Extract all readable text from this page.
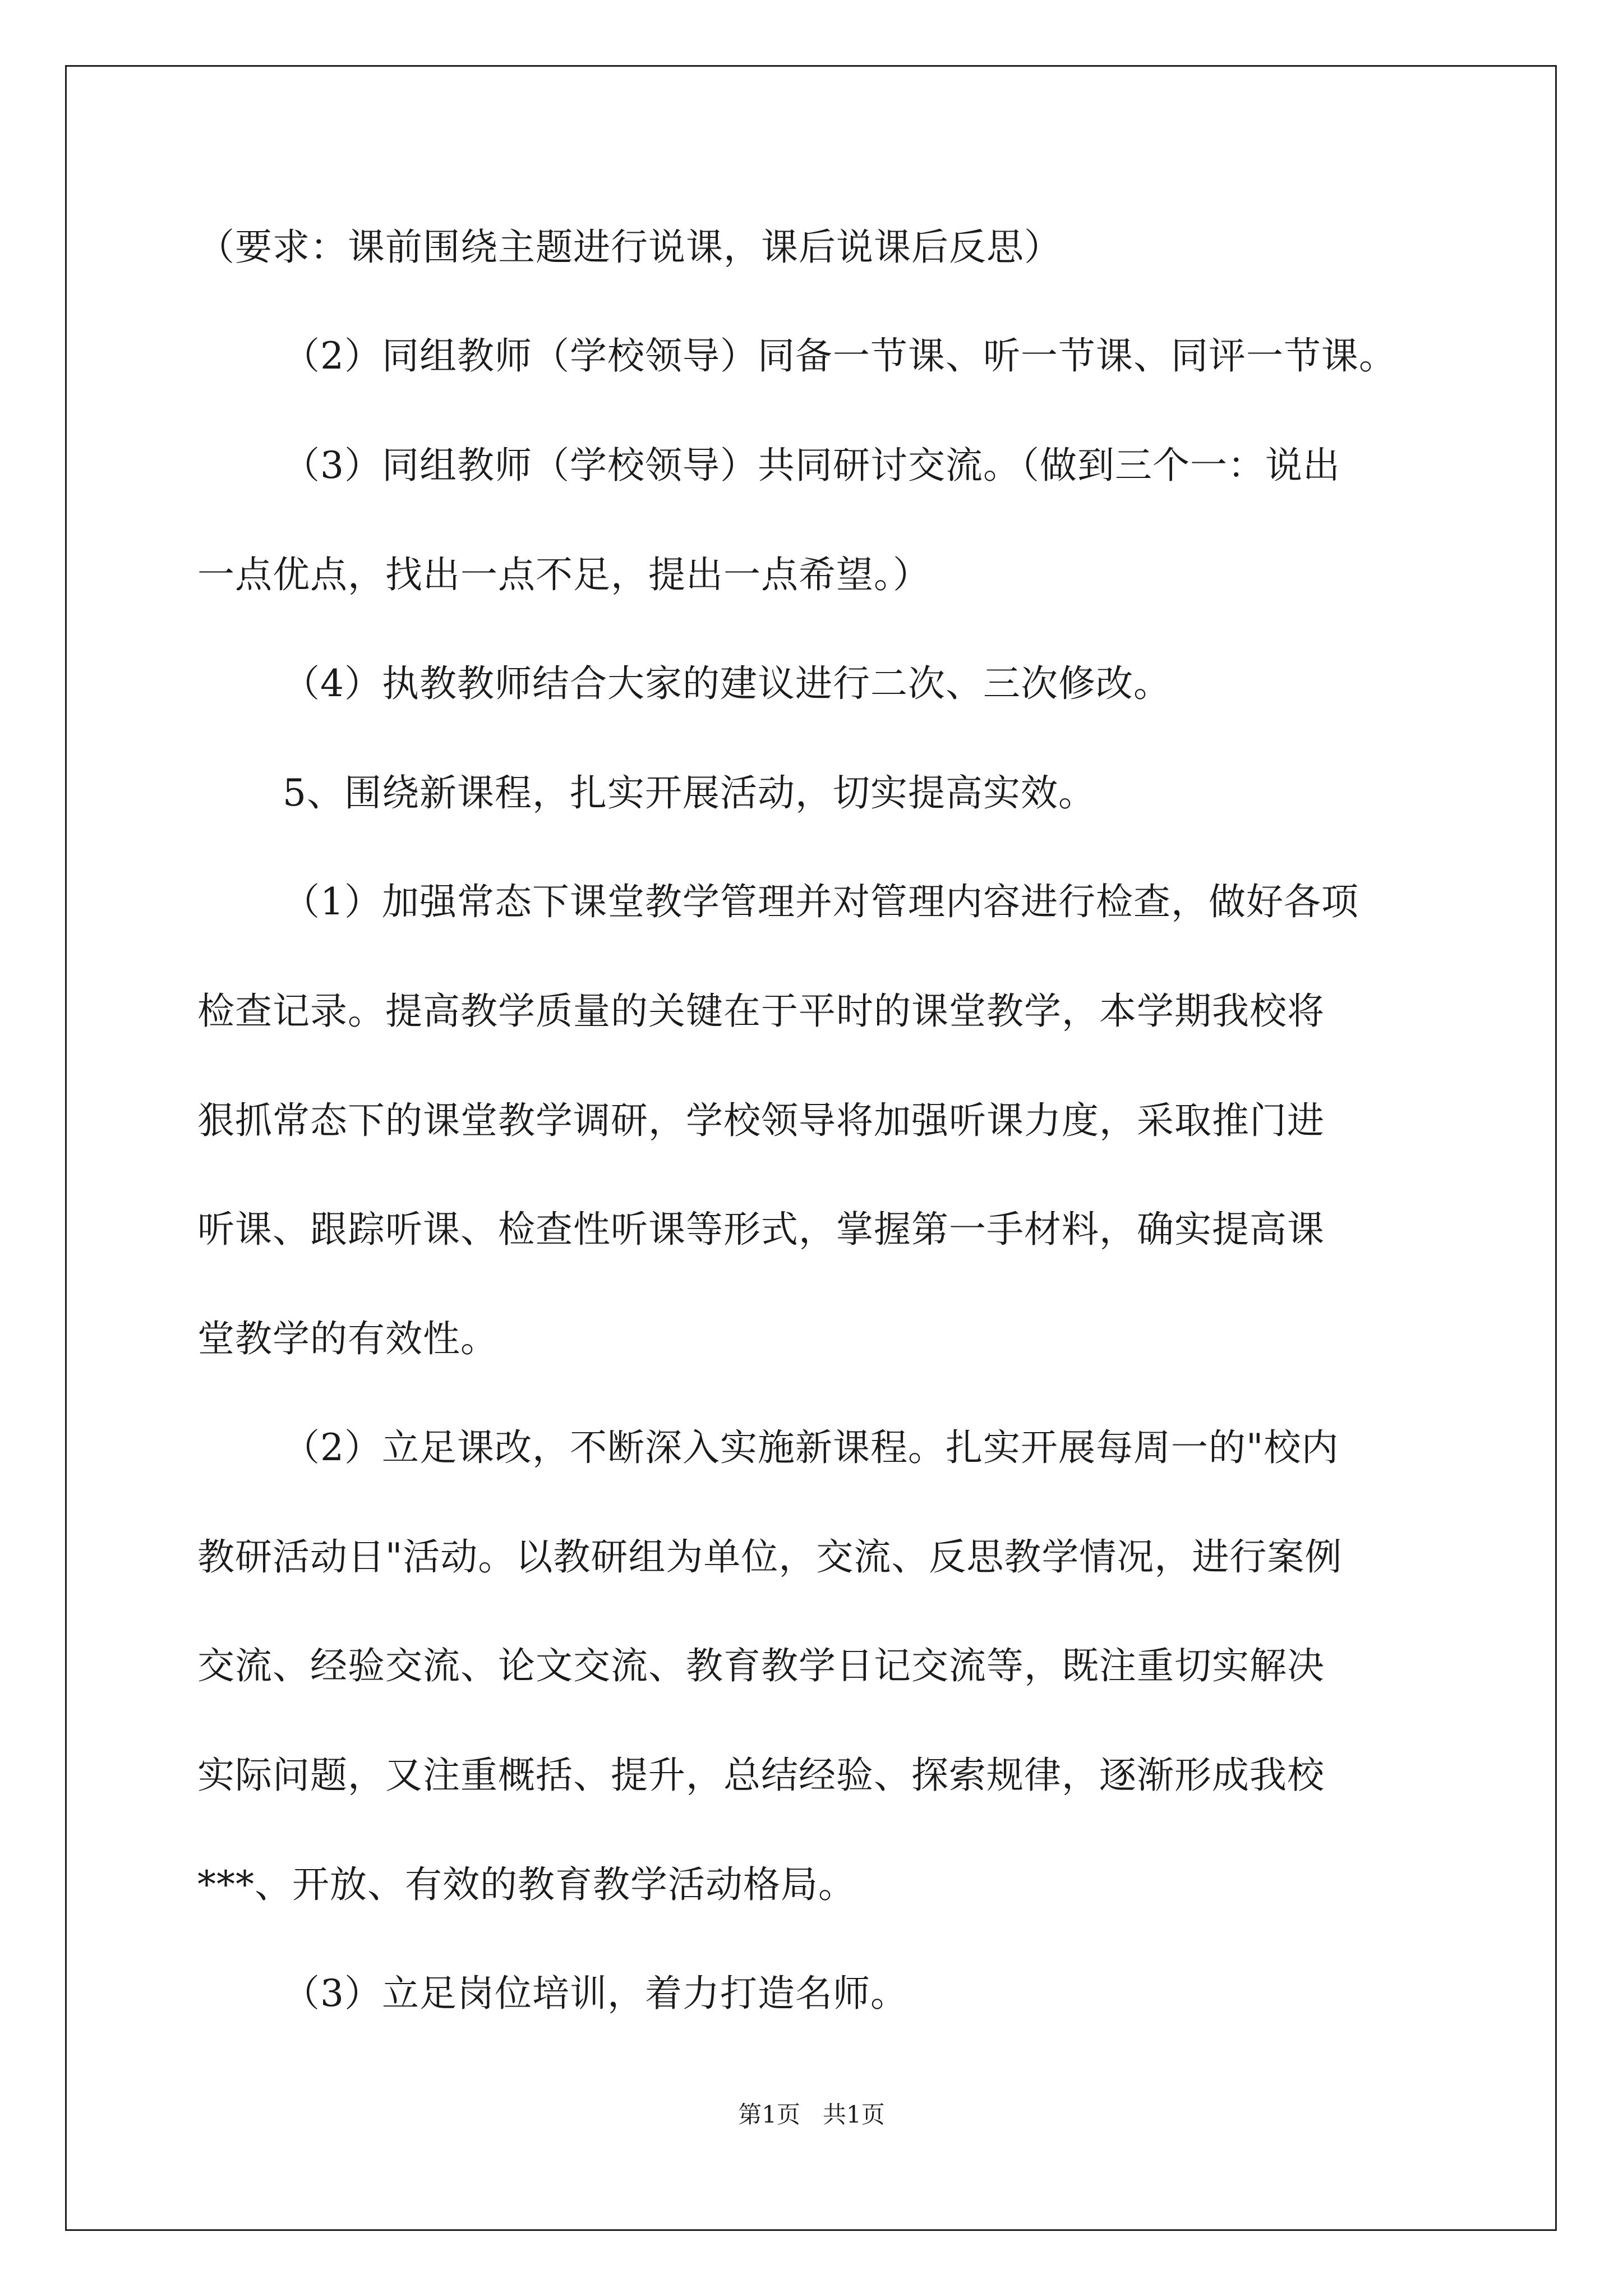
（要求：课前围绕主题进行说课，课后说课后反思）
（2）同组教师（学校领导）同备一节课、听一节课、同评一节课。
（3）同组教师（学校领导）共同研讨交流。（做到三个一：说出
一点优点，找出一点不足，提出一点希望。）
（4）执教教师结合大家的建议进行二次、三次修改。
5、围绕新课程，扎实开展活动，切实提高实效。
（1）加强常态下课堂教学管理并对管理内容进行检查，做好各项
检查记录。提高教学质量的关键在于平时的课堂教学，本学期我校将
狠抓常态下的课堂教学调研，学校领导将加强听课力度，采取推门进
听课、跟踪听课、检查性听课等形式，掌握第一手材料，确实提高课
堂教学的有效性。
（2）立足课改，不断深入实施新课程。扎实开展每周一的"校内
教研活动日"活动。以教研组为单位，交流、反思教学情况，进行案例
交流、经验交流、论文交流、教育教学日记交流等，既注重切实解决
实际问题，又注重概括、提升，总结经验、探索规律，逐渐形成我校
***、开放、有效的教育教学活动格局。
（3）立足岗位培训，着力打造名师。
第1页   共1页
